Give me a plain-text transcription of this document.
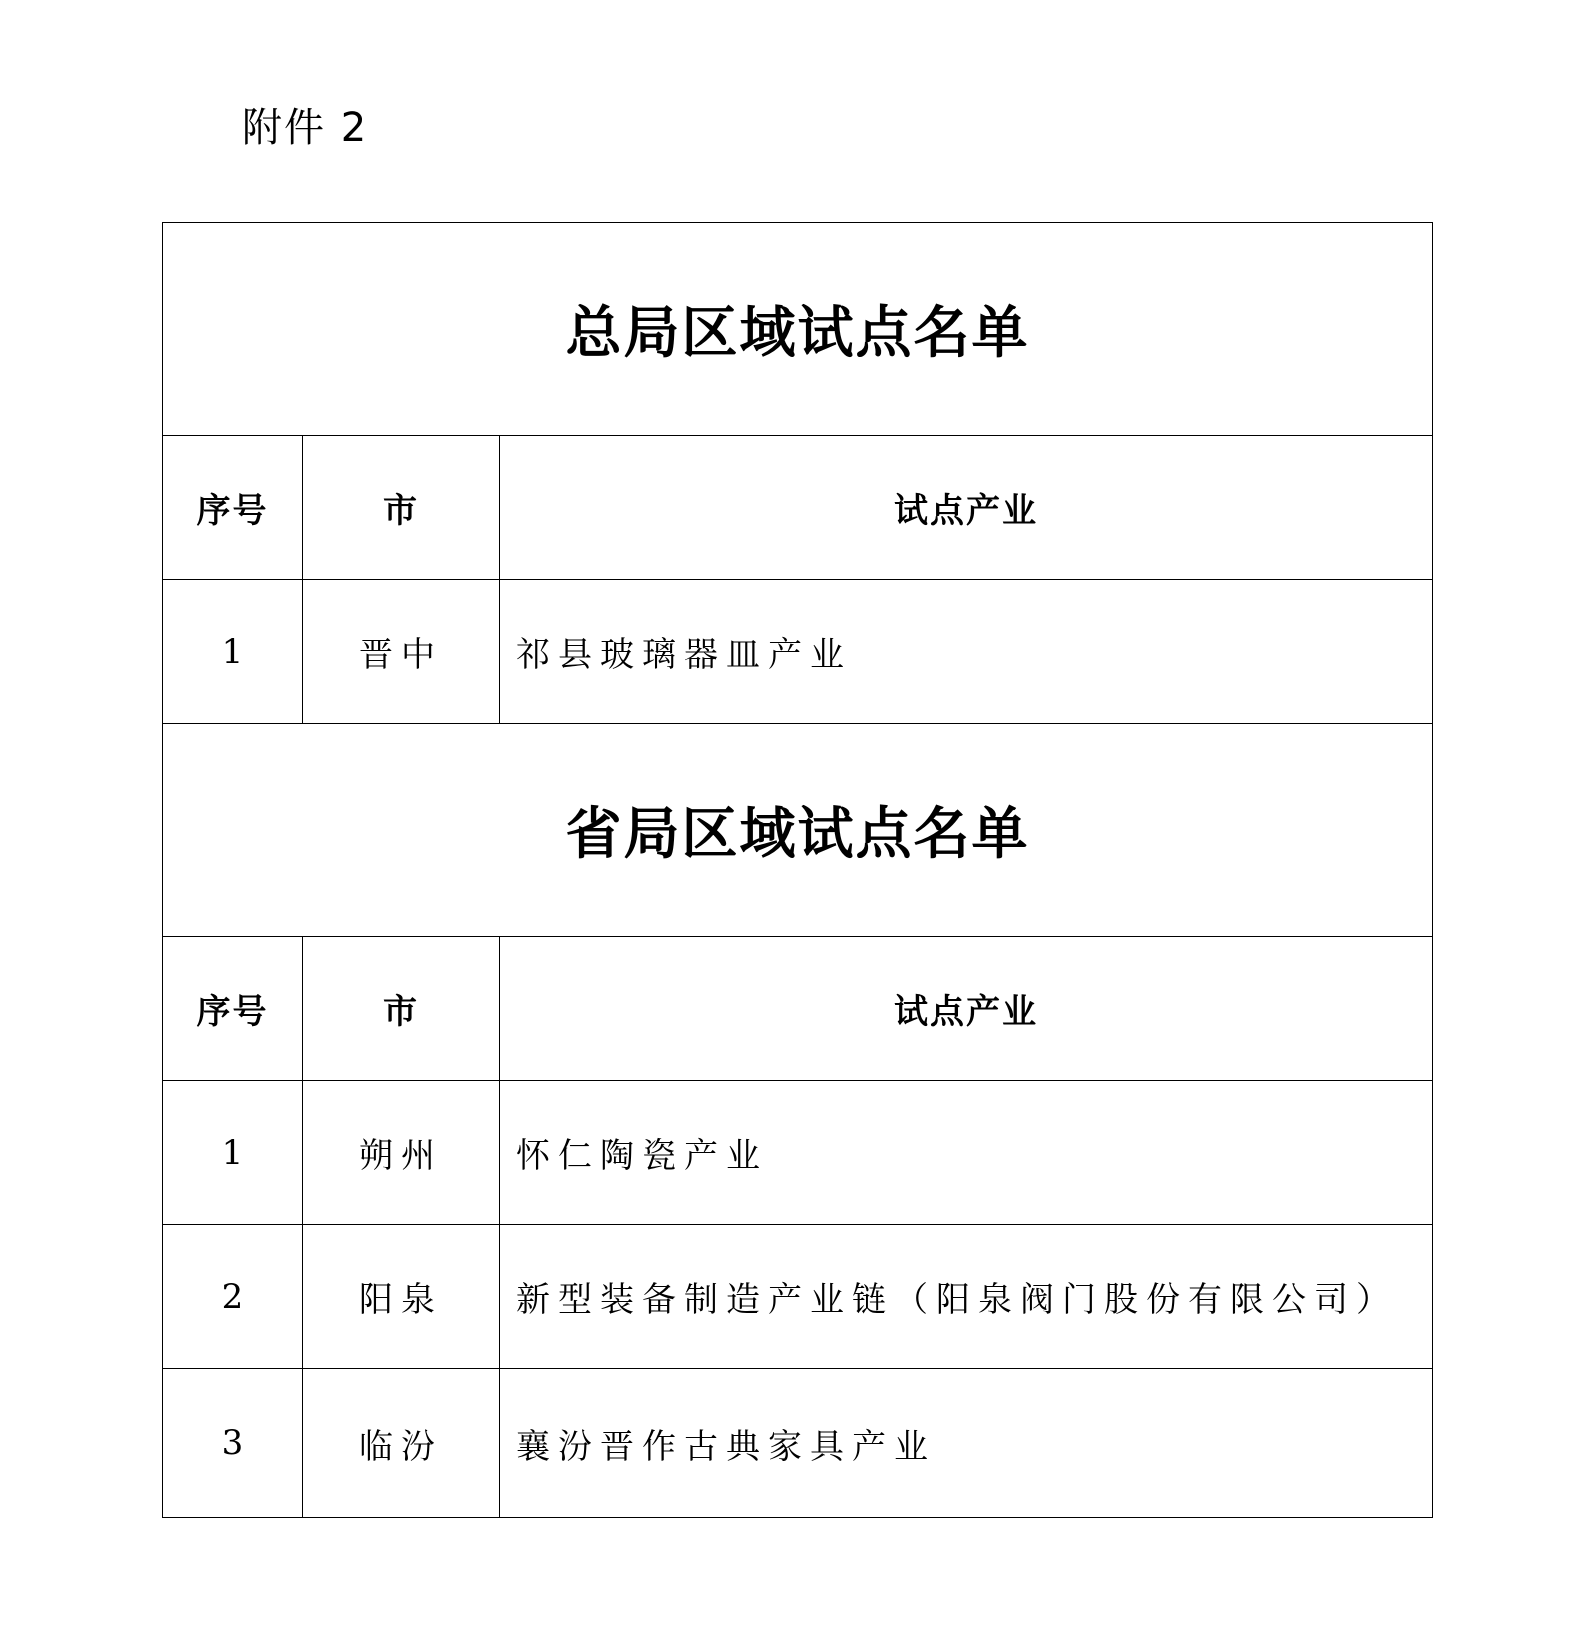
附件 2
总局区域试点名单		
序号	市	试点产业
1	晋中	祁县玻璃器皿产业
省局区域试点名单		
序号	市	试点产业
1	朔州	怀仁陶瓷产业
2	阳泉	新型装备制造产业链（阳泉阀门股份有限公司）
3	临汾	襄汾晋作古典家具产业
